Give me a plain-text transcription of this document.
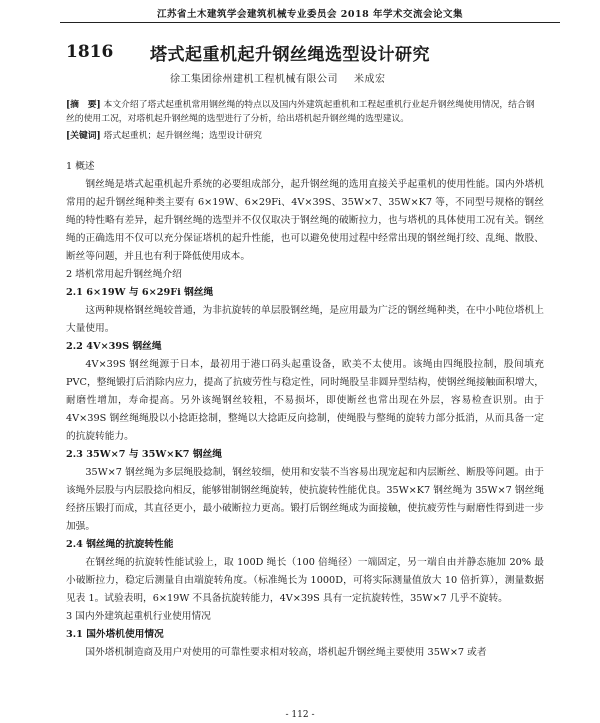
江苏省土木建筑学会建筑机械专业委员会 2018 年学术交流会论文集
1816 塔式起重机起升钢丝绳选型设计研究
徐工集团徐州建机工程机械有限公司 米成宏
[摘　要] 本文介绍了塔式起重机常用钢丝绳的特点以及国内外建筑起重机和工程起重机行业起升钢丝绳使用情况，结合钢丝的使用工况，对塔机起升钢丝绳的选型进行了分析，给出塔机起升钢丝绳的选型建议。
[关键词] 塔式起重机；起升钢丝绳；选型设计研究

1 概述

钢丝绳是塔式起重机起升系统的必要组成部分，起升钢丝绳的选用直接关乎起重机的使用性能。国内外塔机常用的起升钢丝绳种类主要有 6×19W、6×29Fi、4V×39S、35W×7、35W×K7 等，不同型号规格的钢丝绳的特性略有差异，起升钢丝绳的选型并不仅仅取决于钢丝绳的破断拉力，也与塔机的具体使用工况有关。钢丝绳的正确选用不仅可以充分保证塔机的起升性能，也可以避免使用过程中经常出现的钢丝绳打绞、乱绳、散股、断丝等问题，并且也有利于降低使用成本。

2 塔机常用起升钢丝绳介绍

2.1 6×19W 与 6×29Fi 钢丝绳

这两种规格钢丝绳较普通，为非抗旋转的单层股钢丝绳，是应用最为广泛的钢丝绳种类，在中小吨位塔机上大量使用。

2.2 4V×39S 钢丝绳

4V×39S 钢丝绳源于日本，最初用于港口码头起重设备，欧美不太使用。该绳由四绳股拉制，股间填充 PVC，整绳锻打后消除内应力，提高了抗疲劳性与稳定性，同时绳股呈非圆异型结构，使钢丝绳接触面积增大，耐磨性增加，寿命提高。另外该绳钢丝较粗，不易损坏，即使断丝也常出现在外层，容易检查识别。由于 4V×39S 钢丝绳绳股以小捻距捻制，整绳以大捻距反向捻制，使绳股与整绳的旋转力部分抵消，从而具备一定的抗旋转能力。

2.3 35W×7 与 35W×K7 钢丝绳

35W×7 钢丝绳为多层绳股捻制，钢丝较细，使用和安装不当容易出现宠起和内层断丝、断股等问题。由于该绳外层股与内层股捻向相反，能够钳制钢丝绳旋转，使抗旋转性能优良。35W×K7 钢丝绳为 35W×7 钢丝绳经挤压锻打而成，其直径更小，最小破断拉力更高。锻打后钢丝绳成为面接触，使抗疲劳性与耐磨性得到进一步加强。

2.4 钢丝绳的抗旋转性能

在钢丝绳的抗旋转性能试验上，取 100D 绳长（100 倍绳径）一端固定，另一端自由并静态施加 20% 最小破断拉力，稳定后测量自由端旋转角度。（标准绳长为 1000D，可将实际测量值放大 10 倍折算），测量数据见表 1。试验表明，6×19W 不具备抗旋转能力，4V×39S 具有一定抗旋转性，35W×7 几乎不旋转。

3 国内外建筑起重机行业使用情况

3.1 国外塔机使用情况

国外塔机制造商及用户对使用的可靠性要求相对较高，塔机起升钢丝绳主要使用 35W×7 或者

- 112 -
